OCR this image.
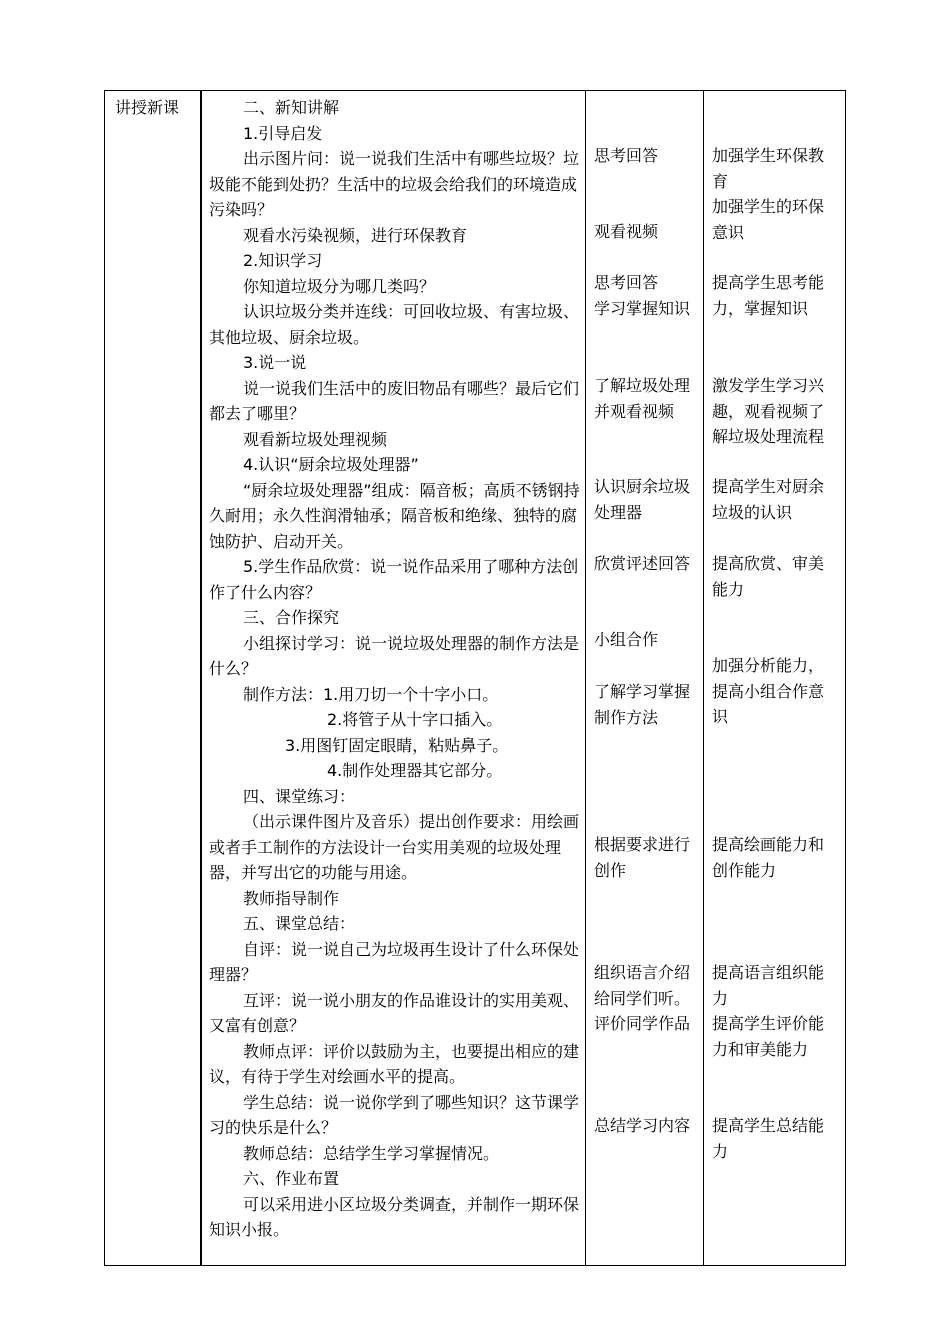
讲授新课	二、新知讲解

1.引导启发

出示图片问：说一说我们生活中有哪些垃圾？垃圾能不能到处扔？生活中的垃圾会给我们的环境造成污染吗？

观看水污染视频，进行环保教育

2.知识学习

你知道垃圾分为哪几类吗？

认识垃圾分类并连线：可回收垃圾、有害垃圾、其他垃圾、厨余垃圾。

3.说一说

说一说我们生活中的废旧物品有哪些？最后它们都去了哪里？

观看新垃圾处理视频

4.认识“厨余垃圾处理器”

“厨余垃圾处理器”组成：隔音板；高质不锈钢持久耐用；永久性润滑轴承；隔音板和绝缘、独特的腐蚀防护、启动开关。

5.学生作品欣赏：说一说作品采用了哪种方法创作了什么内容？

三、合作探究

小组探讨学习：说一说垃圾处理器的制作方法是什么？

制作方法：1.用刀切一个十字小口。

2.将管子从十字口插入。

3.用图钉固定眼睛，粘贴鼻子。

4.制作处理器其它部分。

四、课堂练习：

（出示课件图片及音乐）提出创作要求：用绘画或者手工制作的方法设计一台实用美观的垃圾处理器，并写出它的功能与用途。

教师指导制作

五、课堂总结：

自评：说一说自己为垃圾再生设计了什么环保处理器？

互评：说一说小朋友的作品谁设计的实用美观、又富有创意？

教师点评：评价以鼓励为主，也要提出相应的建议，有待于学生对绘画水平的提高。

学生总结：说一说你学到了哪些知识？这节课学习的快乐是什么？

教师总结：总结学生学习掌握情况。

六、作业布置

可以采用进小区垃圾分类调查，并制作一期环保知识小报。

思考回答

观看视频

思考回答

学习掌握知识

了解垃圾处理

并观看视频

认识厨余垃圾

处理器

欣赏评述回答

小组合作

了解学习掌握

制作方法

根据要求进行

创作

组织语言介绍

给同学们听。

评价同学作品

总结学习内容

加强学生环保教

育

加强学生的环保

意识

提高学生思考能

力，掌握知识

激发学生学习兴

趣，观看视频了

解垃圾处理流程

提高学生对厨余

垃圾的认识

提高欣赏、审美

能力

加强分析能力，

提高小组合作意

识

提高绘画能力和

创作能力

提高语言组织能

力

提高学生评价能

力和审美能力

提高学生总结能

力
